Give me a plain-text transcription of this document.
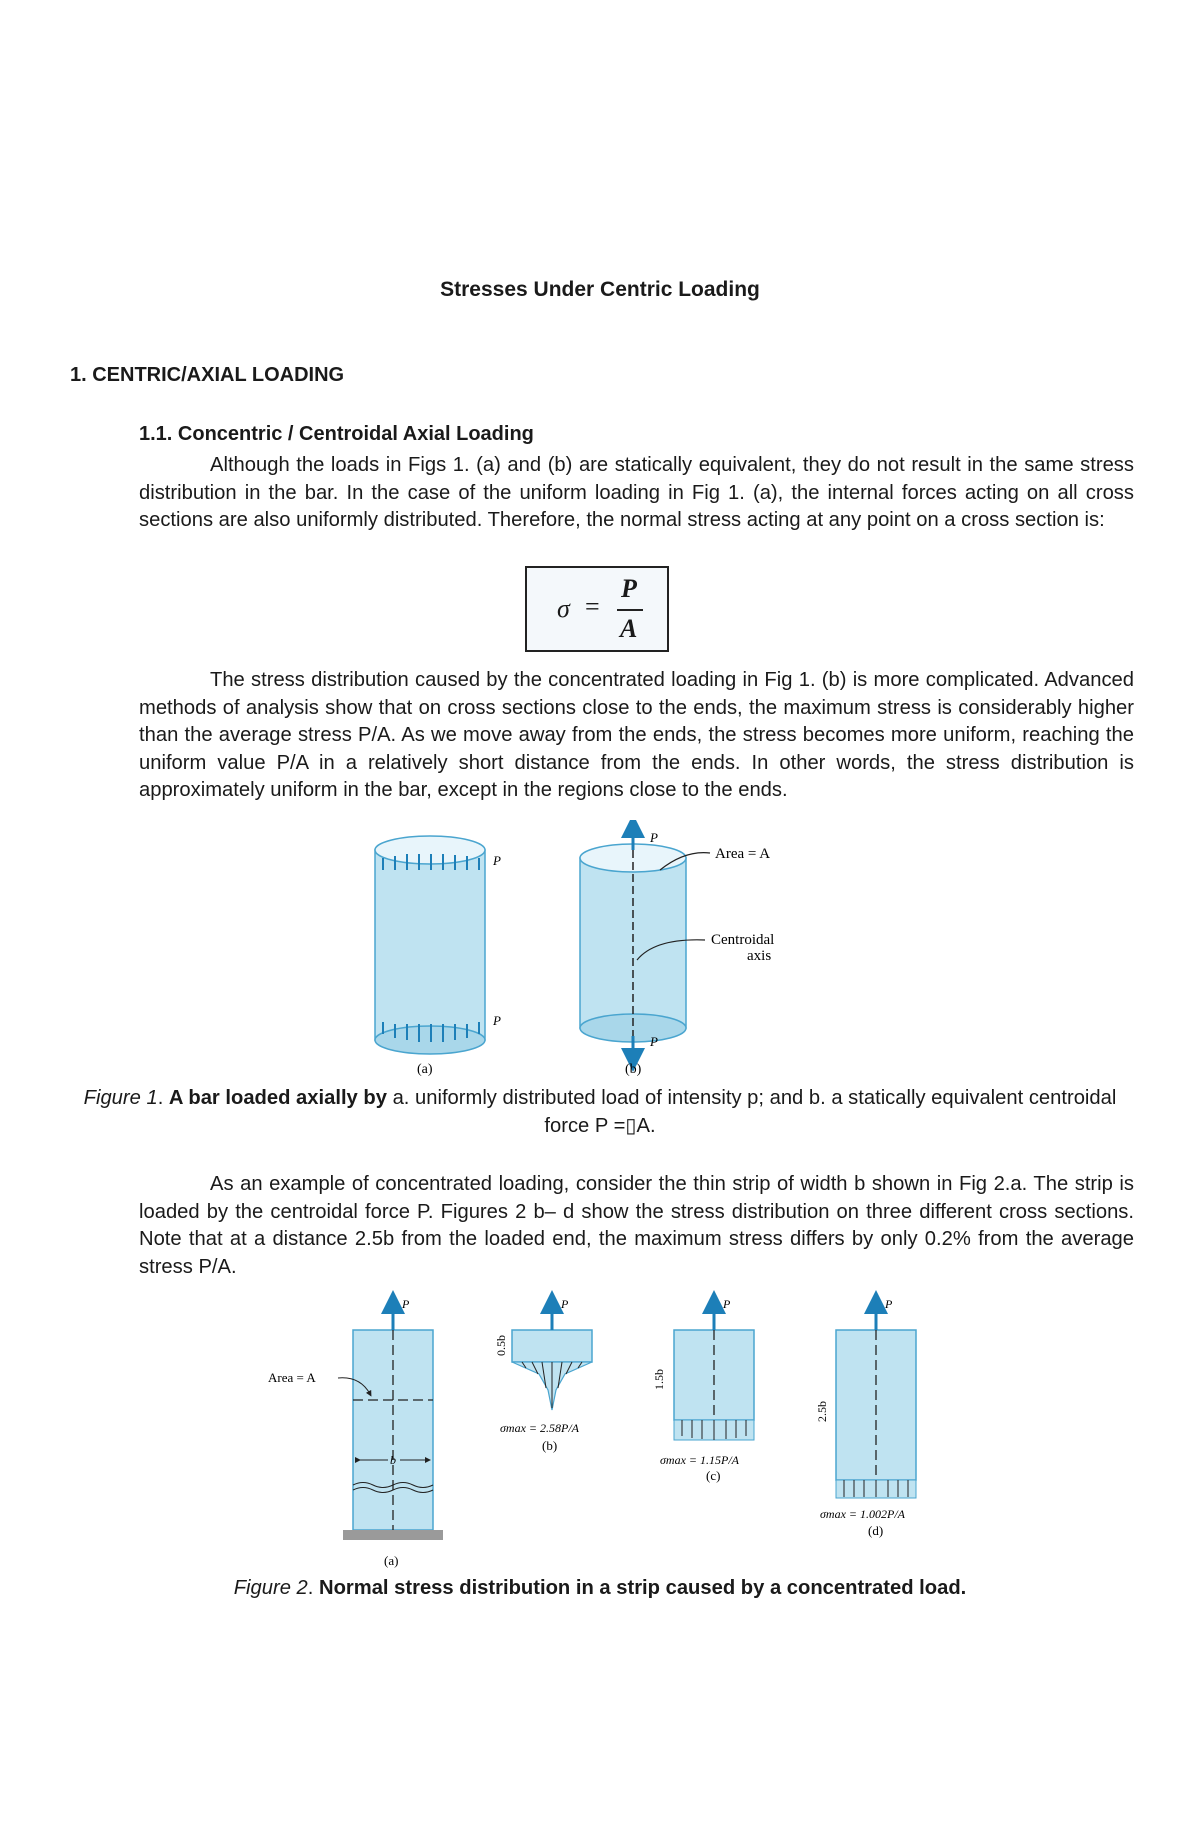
Stresses Under Centric Loading
1. CENTRIC/AXIAL LOADING
1.1. Concentric / Centroidal Axial Loading
Although the loads in Figs 1. (a) and (b) are statically equivalent, they do not result in the same stress distribution in the bar. In the case of the uniform loading in Fig 1. (a), the internal forces acting on all cross sections are also uniformly distributed. Therefore, the normal stress acting at any point on a cross section is:
σ =
P
A
The stress distribution caused by the concentrated loading in Fig 1. (b) is more complicated. Advanced methods of analysis show that on cross sections close to the ends, the maximum stress is considerably higher than the average stress P/A. As we move away from the ends, the stress becomes more uniform, reaching the uniform value P/A in a relatively short distance from the ends. In other words, the stress distribution is approximately uniform in the bar, except in the regions close to the ends.
P
P
(a)
P
P
Area = A
Centroidal
axis
(b)
Figure 1. A bar loaded axially by a. uniformly distributed load of intensity p; and b. a statically equivalent centroidal force P =▯A.
As an example of concentrated loading, consider the thin strip of width b shown in Fig 2.a. The strip is loaded by the centroidal force P. Figures 2 b– d show the stress distribution on three different cross sections. Note that at a distance 2.5b from the loaded end, the maximum stress differs by only 0.2% from the average stress P/A.
P
Area = A
b
(a)
P
0.5b
σmax = 2.58P/A
(b)
P
1.5b
σmax = 1.15P/A
(c)
P
2.5b
σmax = 1.002P/A
(d)
Figure 2. Normal stress distribution in a strip caused by a concentrated load.
